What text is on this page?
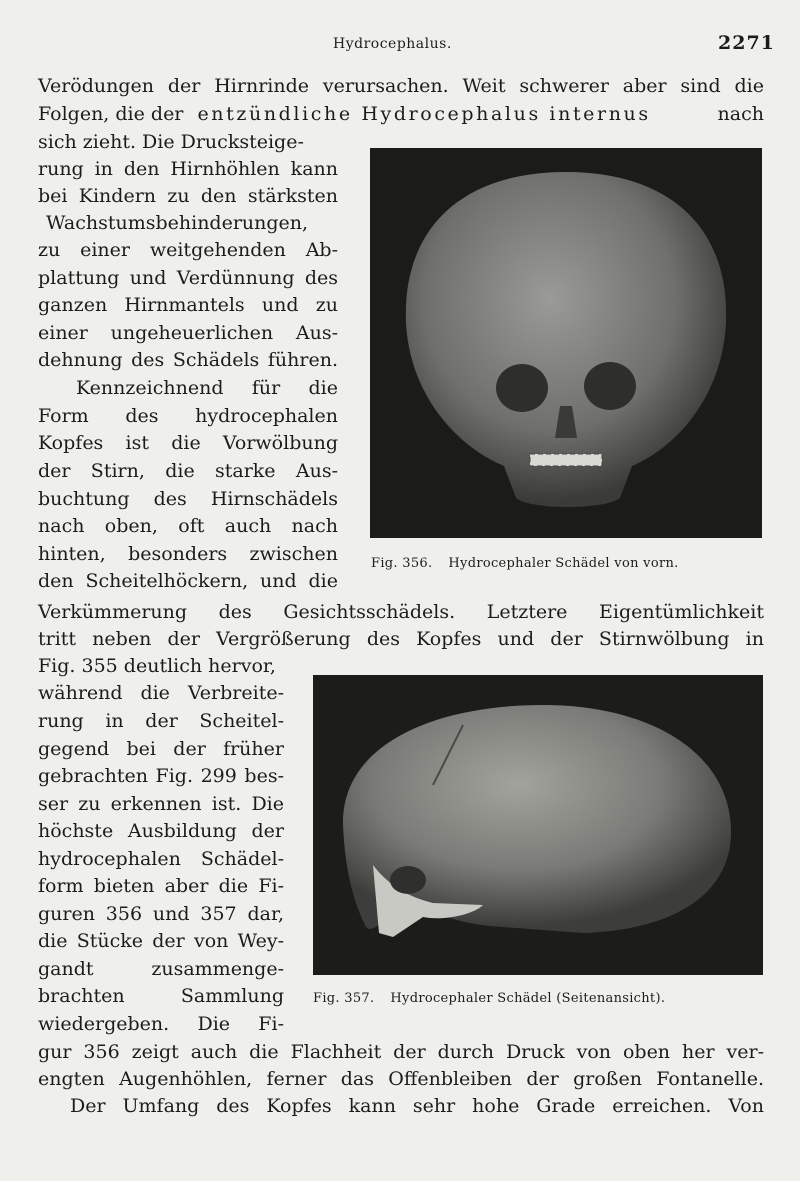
Hydrocephalus.	2271
Verödungen der Hirnrinde verursachen. Weit schwerer aber sind die
Folgen, die der entzündliche Hydrocephalus internus	nach
sich zieht. Die Drucksteige-
rung in den Hirnhöhlen kann
bei Kindern zu den stärksten
Wachstumsbehinderungen,
zu einer weitgehenden Ab-
plattung und Verdünnung des
ganzen Hirnmantels und zu
einer ungeheuerlichen Aus-
dehnung des Schädels führen.
Kennzeichnend für die
Form des hydrocephalen
Kopfes ist die Vorwölbung
der Stirn, die starke Aus-
buchtung des Hirnschädels
nach oben, oft auch nach
hinten, besonders zwischen
den Scheitelhöckern, und die
Fig. 356. Hydrocephaler Schädel von vorn.
Verkümmerung des Gesichtsschädels. Letztere Eigentümlichkeit
tritt neben der Vergrößerung des Kopfes und der Stirnwölbung in
Fig. 355 deutlich hervor,
während die Verbreite-
rung in der Scheitel-
gegend bei der früher
gebrachten Fig. 299 bes-
ser zu erkennen ist. Die
höchste Ausbildung der
hydrocephalen Schädel-
form bieten aber die Fi-
guren 356 und 357 dar,
die Stücke der von Wey-
gandt zusammenge-
brachten Sammlung
wiedergeben. Die Fi-
Fig. 357. Hydrocephaler Schädel (Seitenansicht).
gur 356 zeigt auch die Flachheit der durch Druck von oben her ver-
engten Augenhöhlen, ferner das Offenbleiben der großen Fontanelle.
Der Umfang des Kopfes kann sehr hohe Grade erreichen. Von
